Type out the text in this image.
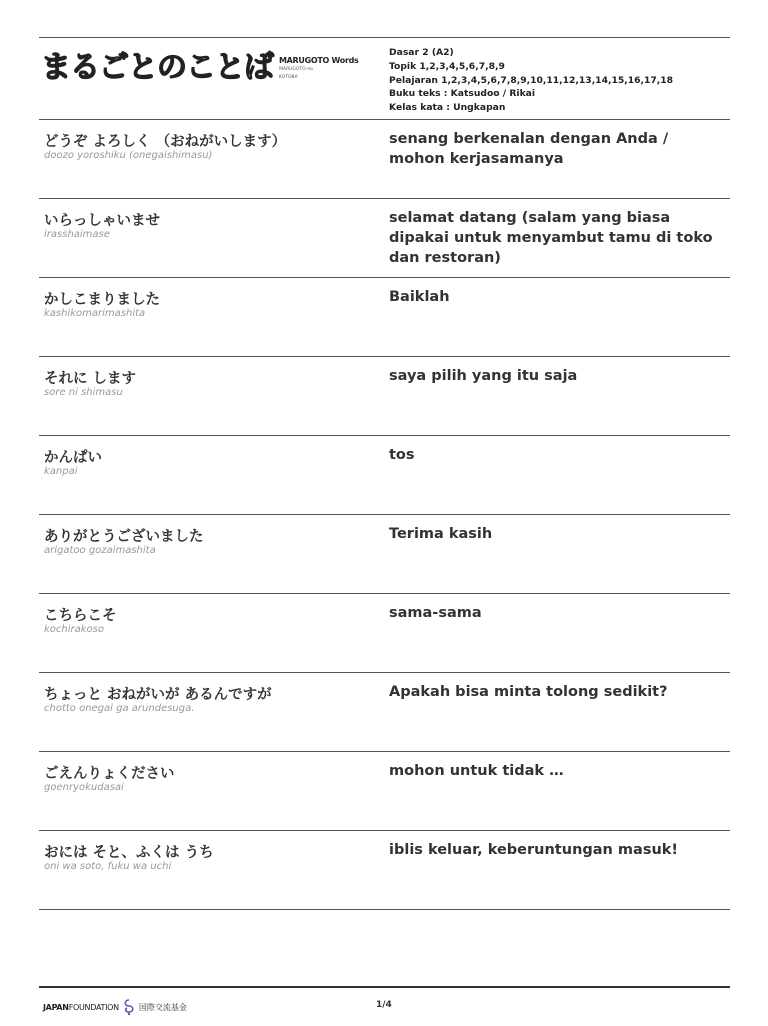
まるごとのことば MARUGOTO Words
MARUGOTO-no
KOTOBA
Dasar 2 (A2)
Topik 1,2,3,4,5,6,7,8,9
Pelajaran 1,2,3,4,5,6,7,8,9,10,11,12,13,14,15,16,17,18
Buku teks : Katsudoo / Rikai
Kelas kata : Ungkapan
どうぞ よろしく （おねがいします）
doozo yoroshiku (onegaishimasu)
senang berkenalan dengan Anda / mohon kerjasamanya
いらっしゃいませ
irasshaimase
selamat datang (salam yang biasa dipakai untuk menyambut tamu di toko dan restoran)
かしこまりました
kashikomarimashita
Baiklah
それに します
sore ni shimasu
saya pilih yang itu saja
かんぱい
kanpai
tos
ありがとうございました
arigatoo gozaimashita
Terima kasih
こちらこそ
kochirakoso
sama-sama
ちょっと おねがいが あるんですが
chotto onegai ga arundesuga.
Apakah bisa minta tolong sedikit?
ごえんりょください
goenryokudasai
mohon untuk tidak …
おには そと、ふくは うち
oni wa soto, fuku wa uchi
iblis keluar, keberuntungan masuk!
JAPANFOUNDATION	国際交流基金	1/4
